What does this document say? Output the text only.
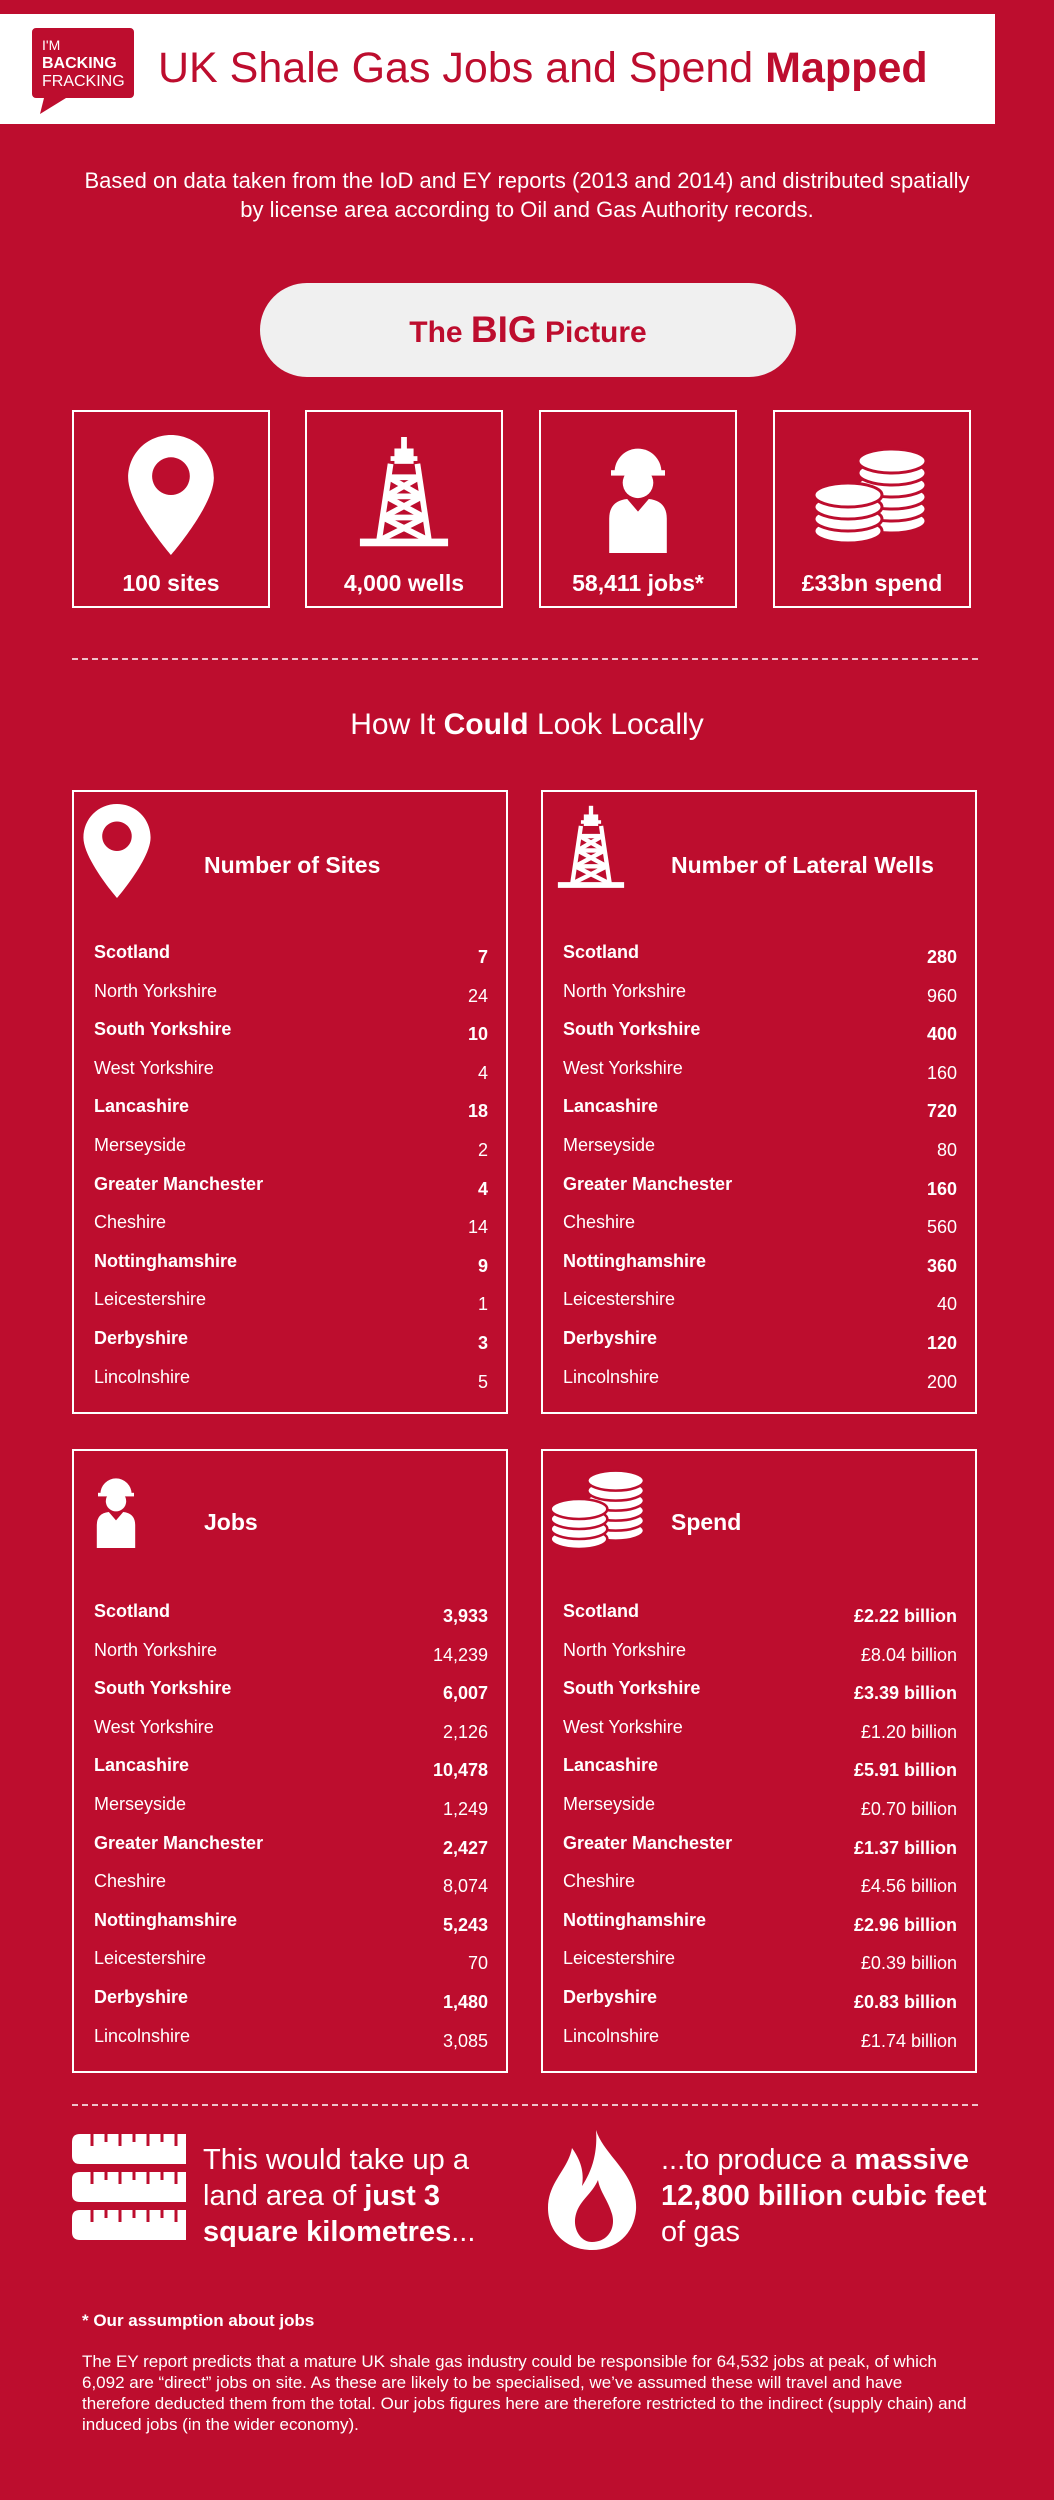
I'M
BACKING
FRACKING UK Shale Gas Jobs and Spend Mapped
Based on data taken from the IoD and EY reports (2013 and 2014) and distributed spatially by license area according to Oil and Gas Authority records.
The BIG Picture
100 sites	4,000 wells	58,411 jobs*	£33bn spend
How It Could Look Locally
Number of Sites
Scotland	7
North Yorkshire	24
South Yorkshire	10
West Yorkshire	4
Lancashire	18
Merseyside	2
Greater Manchester	4
Cheshire	14
Nottinghamshire	9
Leicestershire	1
Derbyshire	3
Lincolnshire	5
Number of Lateral Wells
Scotland	280
North Yorkshire	960
South Yorkshire	400
West Yorkshire	160
Lancashire	720
Merseyside	80
Greater Manchester	160
Cheshire	560
Nottinghamshire	360
Leicestershire	40
Derbyshire	120
Lincolnshire	200
Jobs
Scotland	3,933
North Yorkshire	14,239
South Yorkshire	6,007
West Yorkshire	2,126
Lancashire	10,478
Merseyside	1,249
Greater Manchester	2,427
Cheshire	8,074
Nottinghamshire	5,243
Leicestershire	70
Derbyshire	1,480
Lincolnshire	3,085
Spend
Scotland	£2.22 billion
North Yorkshire	£8.04 billion
South Yorkshire	£3.39 billion
West Yorkshire	£1.20 billion
Lancashire	£5.91 billion
Merseyside	£0.70 billion
Greater Manchester	£1.37 billion
Cheshire	£4.56 billion
Nottinghamshire	£2.96 billion
Leicestershire	£0.39 billion
Derbyshire	£0.83 billion
Lincolnshire	£1.74 billion
This would take up a land area of just 3 square kilometres...
...to produce a massive 12,800 billion cubic feet of gas
* Our assumption about jobs
The EY report predicts that a mature UK shale gas industry could be responsible for 64,532 jobs at peak, of which 6,092 are “direct” jobs on site. As these are likely to be specialised, we’ve assumed these will travel and have therefore deducted them from the total. Our jobs figures here are therefore restricted to the indirect (supply chain) and induced jobs (in the wider economy).
